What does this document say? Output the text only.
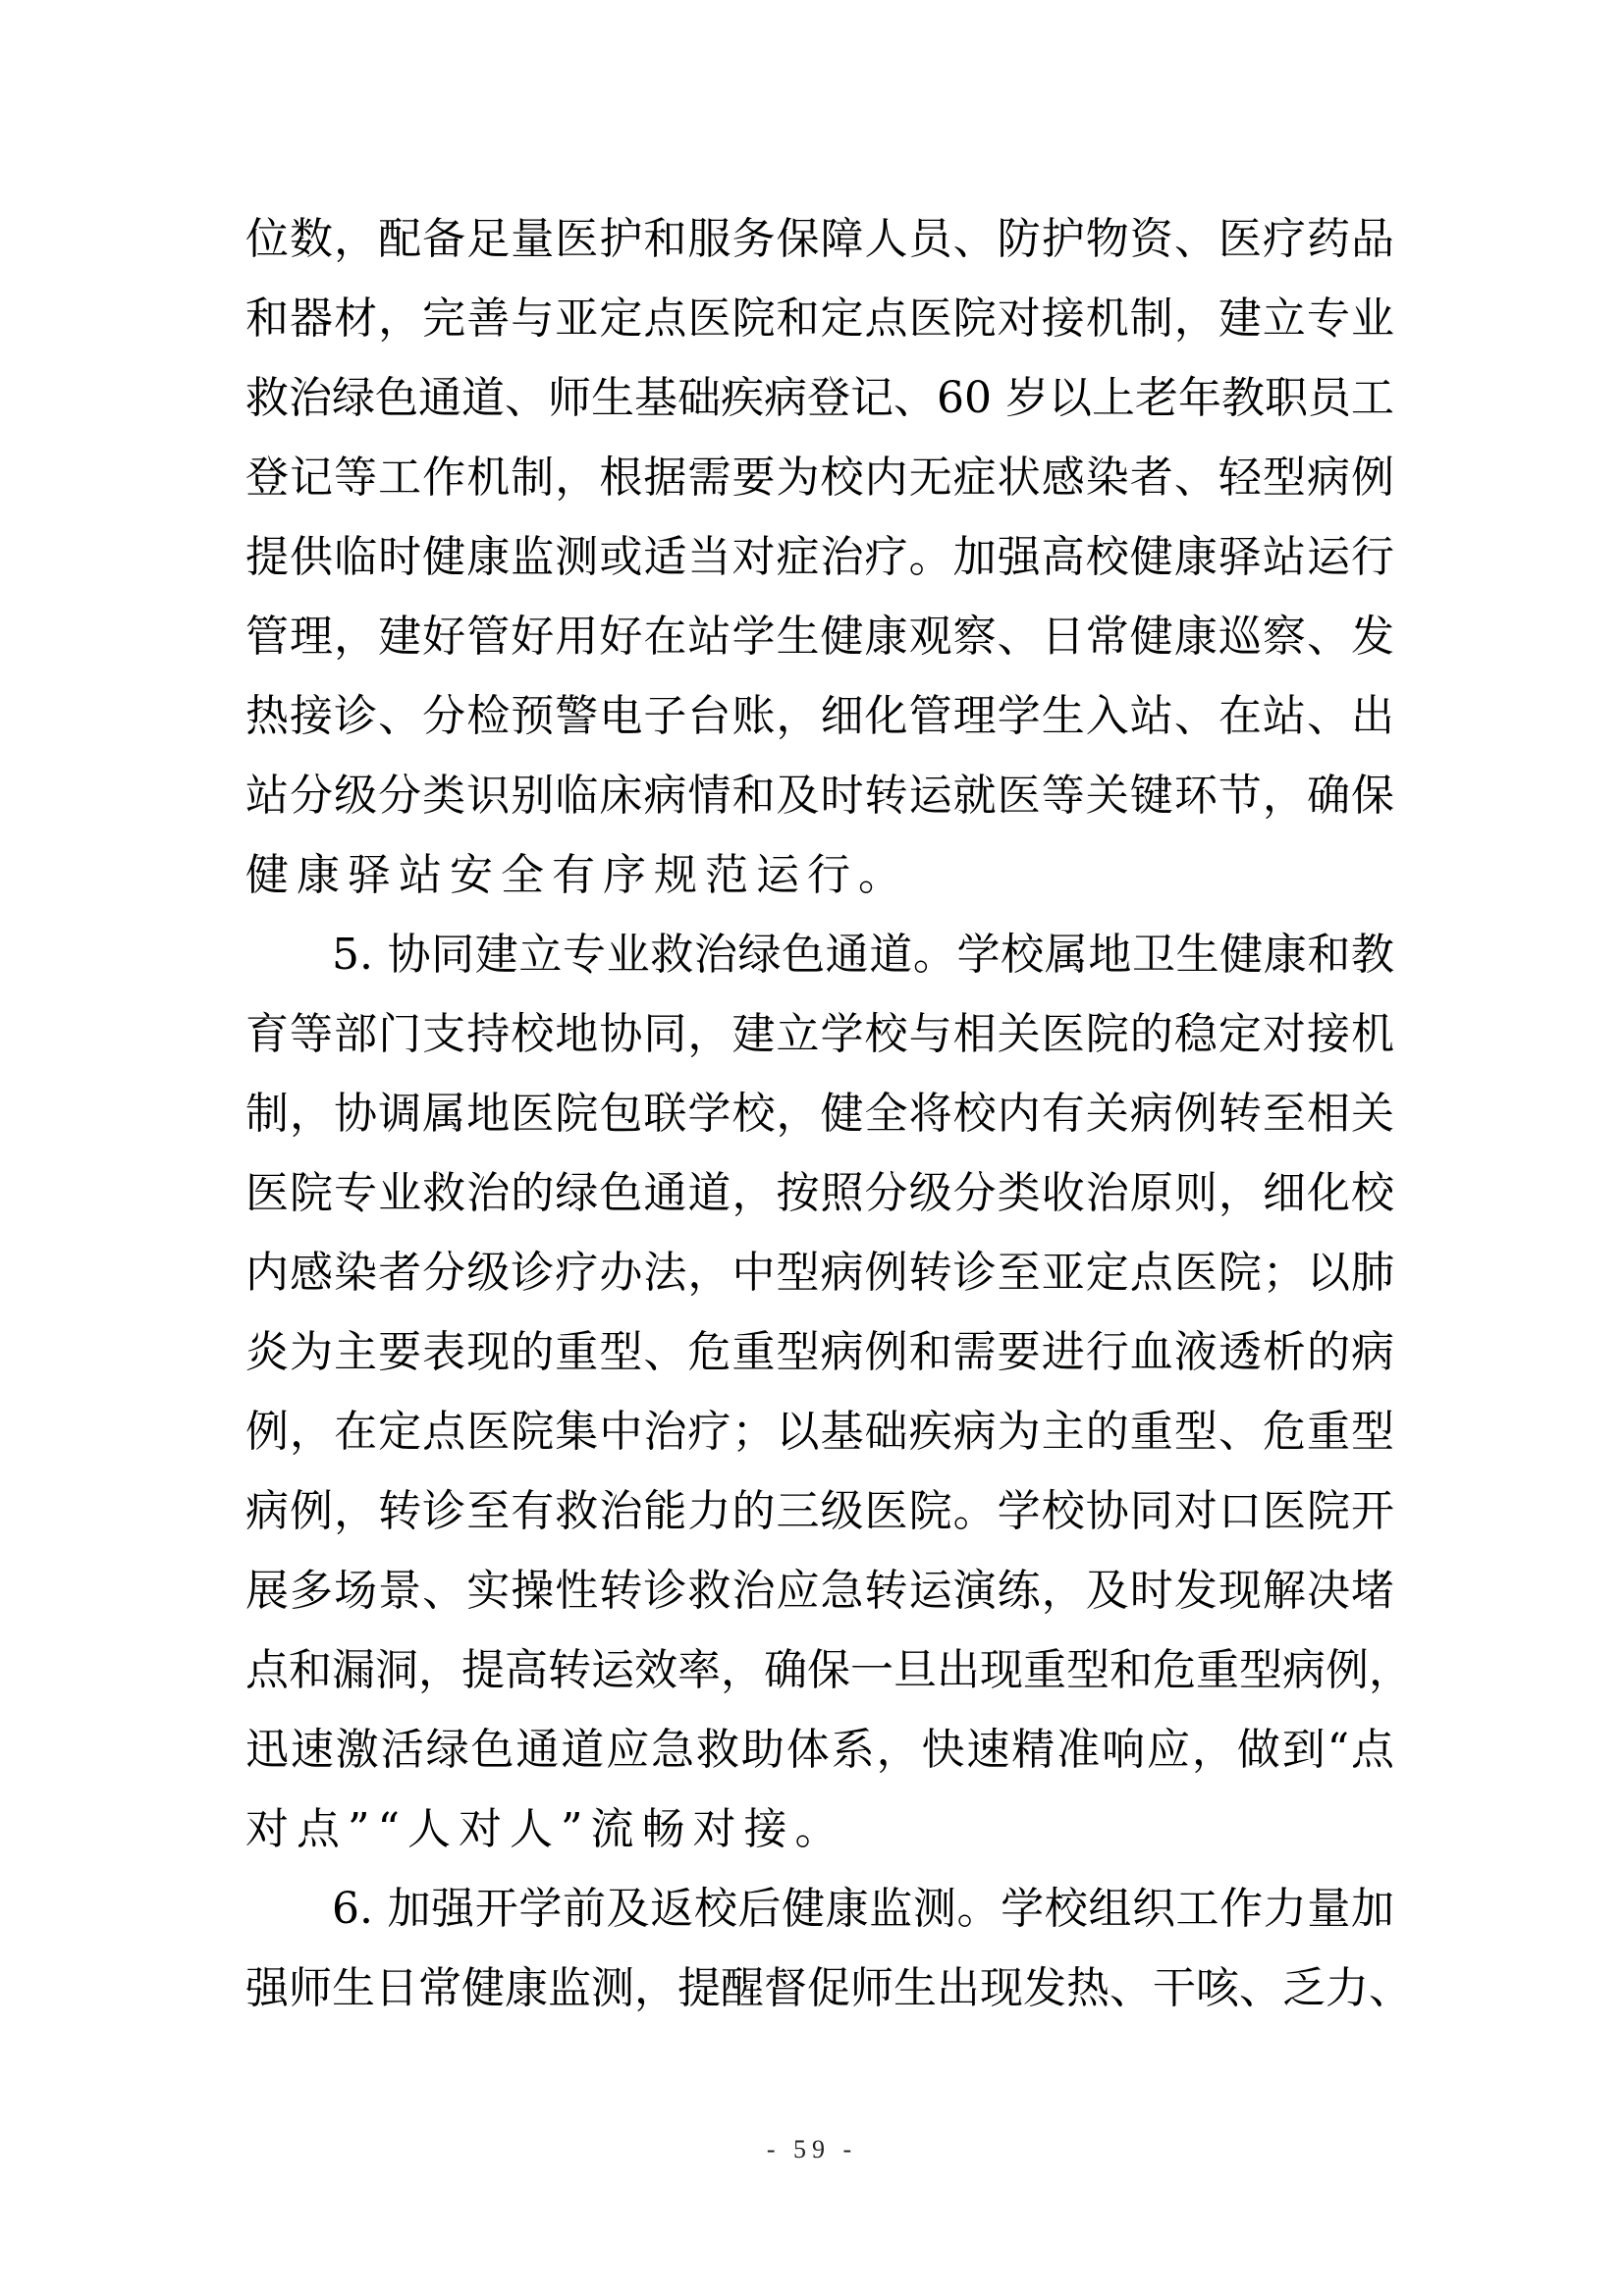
位数，配备足量医护和服务保障人员、防护物资、医疗药品
和器材，完善与亚定点医院和定点医院对接机制，建立专业
救治绿色通道、师生基础疾病登记、60 岁以上老年教职员工
登记等工作机制，根据需要为校内无症状感染者、轻型病例
提供临时健康监测或适当对症治疗。加强高校健康驿站运行
管理，建好管好用好在站学生健康观察、日常健康巡察、发
热接诊、分检预警电子台账，细化管理学生入站、在站、出
站分级分类识别临床病情和及时转运就医等关键环节，确保
健康驿站安全有序规范运行。
5. 协同建立专业救治绿色通道。学校属地卫生健康和教
育等部门支持校地协同，建立学校与相关医院的稳定对接机
制，协调属地医院包联学校，健全将校内有关病例转至相关
医院专业救治的绿色通道，按照分级分类收治原则，细化校
内感染者分级诊疗办法，中型病例转诊至亚定点医院；以肺
炎为主要表现的重型、危重型病例和需要进行血液透析的病
例，在定点医院集中治疗；以基础疾病为主的重型、危重型
病例，转诊至有救治能力的三级医院。学校协同对口医院开
展多场景、实操性转诊救治应急转运演练，及时发现解决堵
点和漏洞，提高转运效率，确保一旦出现重型和危重型病例，
迅速激活绿色通道应急救助体系，快速精准响应，做到“点
对点”“人对人”流畅对接。
6. 加强开学前及返校后健康监测。学校组织工作力量加
强师生日常健康监测，提醒督促师生出现发热、干咳、乏力、
- 59 -
